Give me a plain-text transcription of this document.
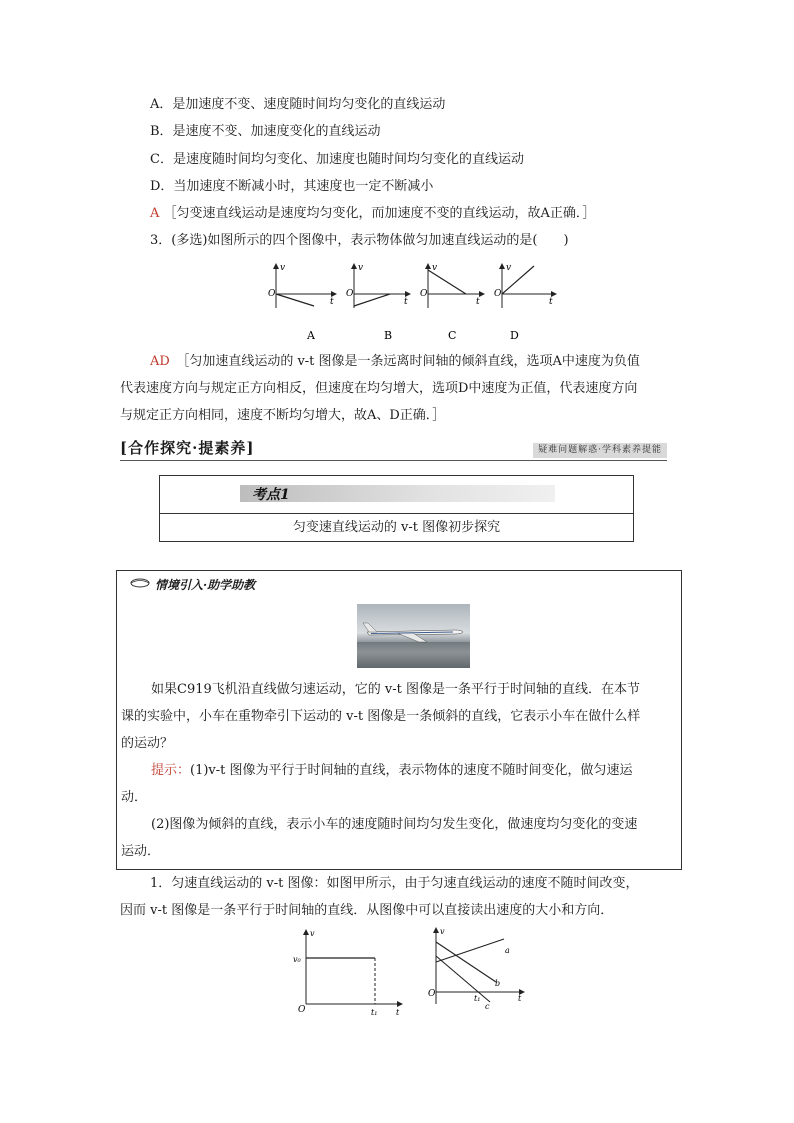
A．是加速度不变、速度随时间均匀变化的直线运动
B．是速度不变、加速度变化的直线运动
C．是速度随时间均匀变化、加速度也随时间均匀变化的直线运动
D．当加速度不断减小时，其速度也一定不断减小
A ［匀变速直线运动是速度均匀变化，而加速度不变的直线运动，故A正确．］
3．(多选)如图所示的四个图像中，表示物体做匀加速直线运动的是(　　)
v
O
t
A
v
O
t
B
v
O
t
C
v
O
t
D
AD  ［匀加速直线运动的 v-t 图像是一条远离时间轴的倾斜直线，选项A中速度为负值
代表速度方向与规定正方向相反，但速度在均匀增大，选项D中速度为正值，代表速度方向
与规定正方向相同，速度不断均匀增大，故A、D正确．］
[合作探究·提素养]	疑难问题解惑·学科素养提能
考点1
匀变速直线运动的 v-t 图像初步探究
情境引入·助学助教
如果C919飞机沿直线做匀速运动，它的 v-t 图像是一条平行于时间轴的直线．在本节
课的实验中，小车在重物牵引下运动的 v-t 图像是一条倾斜的直线，它表示小车在做什么样
的运动？
提示：(1)v-t 图像为平行于时间轴的直线，表示物体的速度不随时间变化，做匀速运
动．
(2)图像为倾斜的直线，表示小车的速度随时间均匀发生变化，做速度均匀变化的变速
运动．
1．匀速直线运动的 v-t 图像：如图甲所示，由于匀速直线运动的速度不随时间改变，
因而 v-t 图像是一条平行于时间轴的直线．从图像中可以直接读出速度的大小和方向．
v
v₀
O	t₁ t
v
O
a
b
c
t₁	t
